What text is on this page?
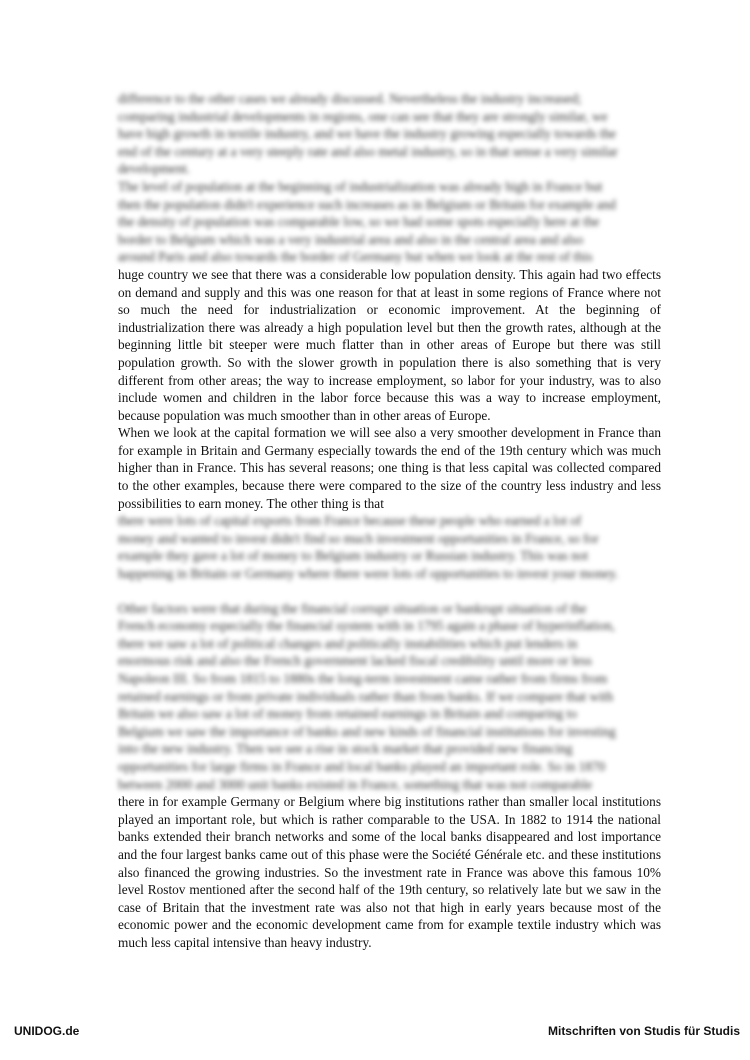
difference to the other cases we already discussed. Nevertheless the industry increased;
comparing industrial developments in regions, one can see that they are strongly similar, we
have high growth in textile industry, and we have the industry growing especially towards the
end of the century at a very steeply rate and also metal industry, so in that sense a very similar
development.
The level of population at the beginning of industrialization was already high in France but
then the population didn't experience such increases as in Belgium or Britain for example and
the density of population was comparable low, so we had some spots especially here at the
border to Belgium which was a very industrial area and also in the central area and also
around Paris and also towards the border of Germany but when we look at the rest of this

huge country we see that there was a considerable low population density. This again had two effects on demand and supply and this was one reason for that at least in some regions of France where not so much the need for industrialization or economic improvement. At the beginning of industrialization there was already a high population level but then the growth rates, although at the beginning little bit steeper were much flatter than in other areas of Europe but there was still population growth. So with the slower growth in population there is also something that is very different from other areas; the way to increase employment, so labor for your industry, was to also include women and children in the labor force because this was a way to increase employment, because population was much smoother than in other areas of Europe.

When we look at the capital formation we will see also a very smoother development in France than for example in Britain and Germany especially towards the end of the 19th century which was much higher than in France. This has several reasons; one thing is that less capital was collected compared to the other examples, because there were compared to the size of the country less industry and less possibilities to earn money. The other thing is that

there were lots of capital exports from France because these people who earned a lot of
money and wanted to invest didn't find so much investment opportunities in France, so for
example they gave a lot of money to Belgium industry or Russian industry. This was not
happening in Britain or Germany where there were lots of opportunities to invest your money.
Other factors were that during the financial corrupt situation or bankrupt situation of the
French economy especially the financial system with in 1795 again a phase of hyperinflation,
there we saw a lot of political changes and politically instabilities which put lenders in
enormous risk and also the French government lacked fiscal credibility until more or less
Napoleon III. So from 1815 to 1880s the long-term investment came rather from firms from
retained earnings or from private individuals rather than from banks. If we compare that with
Britain we also saw a lot of money from retained earnings in Britain and comparing to
Belgium we saw the importance of banks and new kinds of financial institutions for investing
into the new industry. Then we see a rise in stock market that provided new financing
opportunities for large firms in France and local banks played an important role. So in 1870
between 2000 and 3000 unit banks existed in France, something that was not comparable

there in for example Germany or Belgium where big institutions rather than smaller local institutions played an important role, but which is rather comparable to the USA. In 1882 to 1914 the national banks extended their branch networks and some of the local banks disappeared and lost importance and the four largest banks came out of this phase were the Société Générale etc. and these institutions also financed the growing industries. So the investment rate in France was above this famous 10% level Rostov mentioned after the second half of the 19th century, so relatively late but we saw in the case of Britain that the investment rate was also not that high in early years because most of the economic power and the economic development came from for example textile industry which was much less capital intensive than heavy industry.

UNIDOG.de	Mitschriften von Studis für Studis
